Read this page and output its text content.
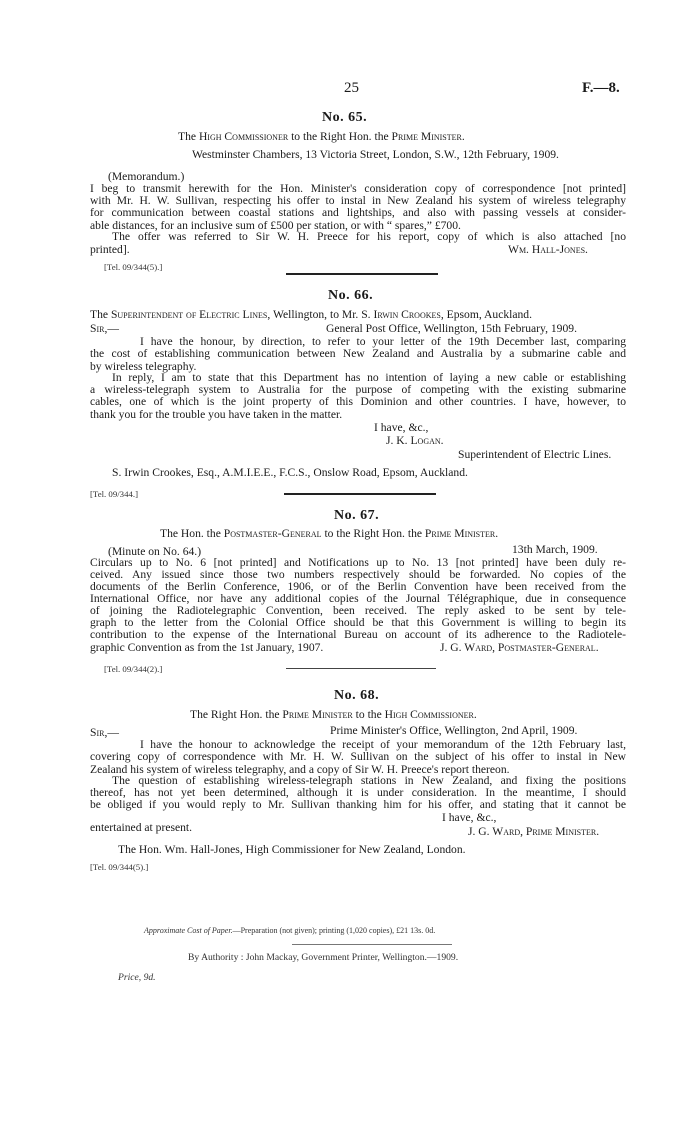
25	F.—8.
No. 65.
The High Commissioner to the Right Hon. the Prime Minister.
Westminster Chambers, 13 Victoria Street, London, S.W., 12th February, 1909.
(Memorandum.)
I beg to transmit herewith for the Hon. Minister's consideration copy of correspondence [not printed]
with Mr. H. W. Sullivan, respecting his offer to instal in New Zealand his system of wireless telegraphy
for communication between coastal stations and lightships, and also with passing vessels at consider-
able distances, for an inclusive sum of £500 per station, or with “ spares,” £700.
The offer was referred to Sir W. H. Preece for his report, copy of which is also attached [no
printed].	Wm. Hall-Jones.
[Tel. 09/344(5).]
No. 66.
The Superintendent of Electric Lines, Wellington, to Mr. S. Irwin Crookes, Epsom, Auckland.
Sir,—	General Post Office, Wellington, 15th February, 1909.
I have the honour, by direction, to refer to your letter of the 19th December last, comparing
the cost of establishing communication between New Zealand and Australia by a submarine cable and
by wireless telegraphy.
In reply, I am to state that this Department has no intention of laying a new cable or establishing
a wireless-telegraph system to Australia for the purpose of competing with the existing submarine
cables, one of which is the joint property of this Dominion and other countries. I have, however, to
thank you for the trouble you have taken in the matter.
I have, &c.,
J. K. Logan.
Superintendent of Electric Lines.
S. Irwin Crookes, Esq., A.M.I.E.E., F.C.S., Onslow Road, Epsom, Auckland.
[Tel. 09/344.]
No. 67.
The Hon. the Postmaster-General to the Right Hon. the Prime Minister.
(Minute on No. 64.)	13th March, 1909.
Circulars up to No. 6 [not printed] and Notifications up to No. 13 [not printed] have been duly re-
ceived. Any issued since those two numbers respectively should be forwarded. No copies of the
documents of the Berlin Conference, 1906, or of the Berlin Convention have been received from the
International Office, nor have any additional copies of the Journal Télégraphique, due in consequence
of joining the Radiotelegraphic Convention, been received. The reply asked to be sent by tele-
graph to the letter from the Colonial Office should be that this Government is willing to begin its
contribution to the expense of the International Bureau on account of its adherence to the Radiotele-
graphic Convention as from the 1st January, 1907.	J. G. Ward, Postmaster-General.
[Tel. 09/344(2).]
No. 68.
The Right Hon. the Prime Minister to the High Commissioner.
Sir,—	Prime Minister's Office, Wellington, 2nd April, 1909.
I have the honour to acknowledge the receipt of your memorandum of the 12th February last,
covering copy of correspondence with Mr. H. W. Sullivan on the subject of his offer to instal in New
Zealand his system of wireless telegraphy, and a copy of Sir W. H. Preece's report thereon.
The question of establishing wireless-telegraph stations in New Zealand, and fixing the positions
thereof, has not yet been determined, although it is under consideration. In the meantime, I should
be obliged if you would reply to Mr. Sullivan thanking him for his offer, and stating that it cannot be
I have, &c.,
entertained at present.	J. G. Ward, Prime Minister.
The Hon. Wm. Hall-Jones, High Commissioner for New Zealand, London.
[Tel. 09/344(5).]
Approximate Cost of Paper.—Preparation (not given); printing (1,020 copies), £21 13s. 0d.
By Authority : John Mackay, Government Printer, Wellington.—1909.
Price, 9d.
